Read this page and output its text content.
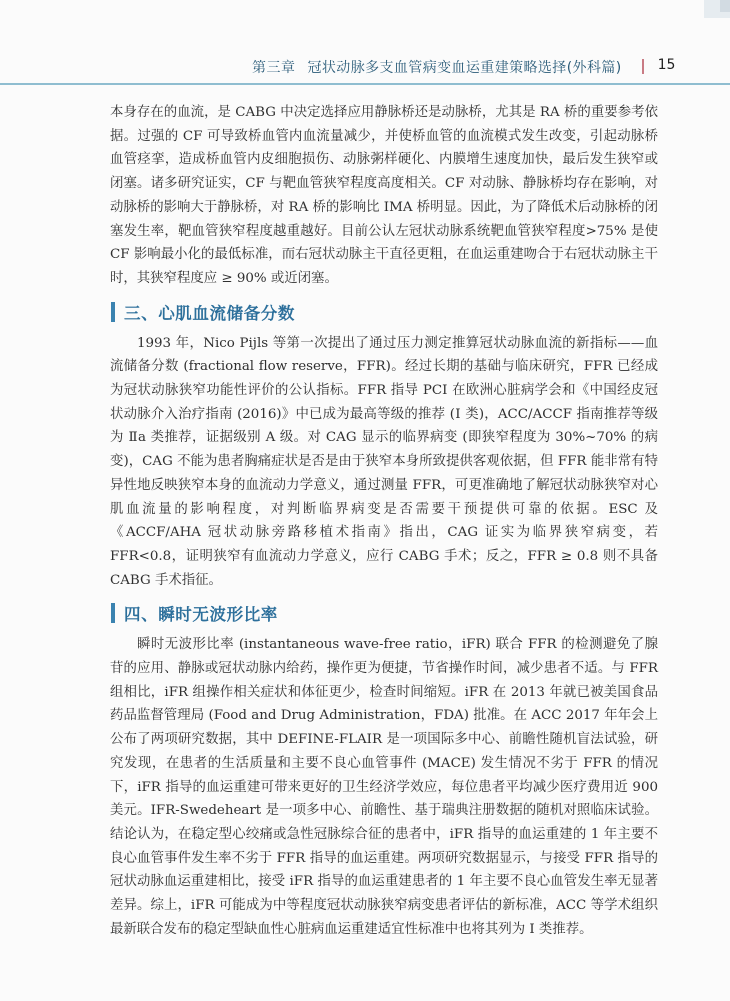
第三章 冠状动脉多支血管病变血运重建策略选择(外科篇)	15

本身存在的血流，是 CABG 中决定选择应用静脉桥还是动脉桥，尤其是 RA 桥的重要参考依据。过强的 CF 可导致桥血管内血流量减少，并使桥血管的血流模式发生改变，引起动脉桥血管痉挛，造成桥血管内皮细胞损伤、动脉粥样硬化、内膜增生速度加快，最后发生狭窄或闭塞。诸多研究证实，CF 与靶血管狭窄程度高度相关。CF 对动脉、静脉桥均存在影响，对动脉桥的影响大于静脉桥，对 RA 桥的影响比 IMA 桥明显。因此，为了降低术后动脉桥的闭塞发生率，靶血管狭窄程度越重越好。目前公认左冠状动脉系统靶血管狭窄程度>75% 是使 CF 影响最小化的最低标准，而右冠状动脉主干直径更粗，在血运重建吻合于右冠状动脉主干时，其狭窄程度应 ≥ 90% 或近闭塞。

三、心肌血流储备分数

1993 年，Nico Pijls 等第一次提出了通过压力测定推算冠状动脉血流的新指标——血流储备分数 (fractional flow reserve，FFR)。经过长期的基础与临床研究，FFR 已经成为冠状动脉狭窄功能性评价的公认指标。FFR 指导 PCI 在欧洲心脏病学会和《中国经皮冠状动脉介入治疗指南 (2016)》中已成为最高等级的推荐 (Ⅰ 类)，ACC/ACCF 指南推荐等级为 Ⅱa 类推荐，证据级别 A 级。对 CAG 显示的临界病变 (即狭窄程度为 30%~70% 的病变)，CAG 不能为患者胸痛症状是否是由于狭窄本身所致提供客观依据，但 FFR 能非常有特异性地反映狭窄本身的血流动力学意义，通过测量 FFR，可更准确地了解冠状动脉狭窄对心肌血流量的影响程度，对判断临界病变是否需要干预提供可靠的依据。ESC 及《ACCF/AHA 冠状动脉旁路移植术指南》指出，CAG 证实为临界狭窄病变，若 FFR<0.8，证明狭窄有血流动力学意义，应行 CABG 手术；反之，FFR ≥ 0.8 则不具备 CABG 手术指征。

四、瞬时无波形比率

瞬时无波形比率 (instantaneous wave-free ratio，iFR) 联合 FFR 的检测避免了腺苷的应用、静脉或冠状动脉内给药，操作更为便捷，节省操作时间，减少患者不适。与 FFR 组相比，iFR 组操作相关症状和体征更少，检查时间缩短。iFR 在 2013 年就已被美国食品药品监督管理局 (Food and Drug Administration，FDA) 批准。在 ACC 2017 年年会上公布了两项研究数据，其中 DEFINE-FLAIR 是一项国际多中心、前瞻性随机盲法试验，研究发现，在患者的生活质量和主要不良心血管事件 (MACE) 发生情况不劣于 FFR 的情况下，iFR 指导的血运重建可带来更好的卫生经济学效应，每位患者平均减少医疗费用近 900 美元。IFR-Swedeheart 是一项多中心、前瞻性、基于瑞典注册数据的随机对照临床试验。结论认为，在稳定型心绞痛或急性冠脉综合征的患者中，iFR 指导的血运重建的 1 年主要不良心血管事件发生率不劣于 FFR 指导的血运重建。两项研究数据显示，与接受 FFR 指导的冠状动脉血运重建相比，接受 iFR 指导的血运重建患者的 1 年主要不良心血管发生率无显著差异。综上，iFR 可能成为中等程度冠状动脉狭窄病变患者评估的新标准，ACC 等学术组织最新联合发布的稳定型缺血性心脏病血运重建适宜性标准中也将其列为 Ⅰ 类推荐。
